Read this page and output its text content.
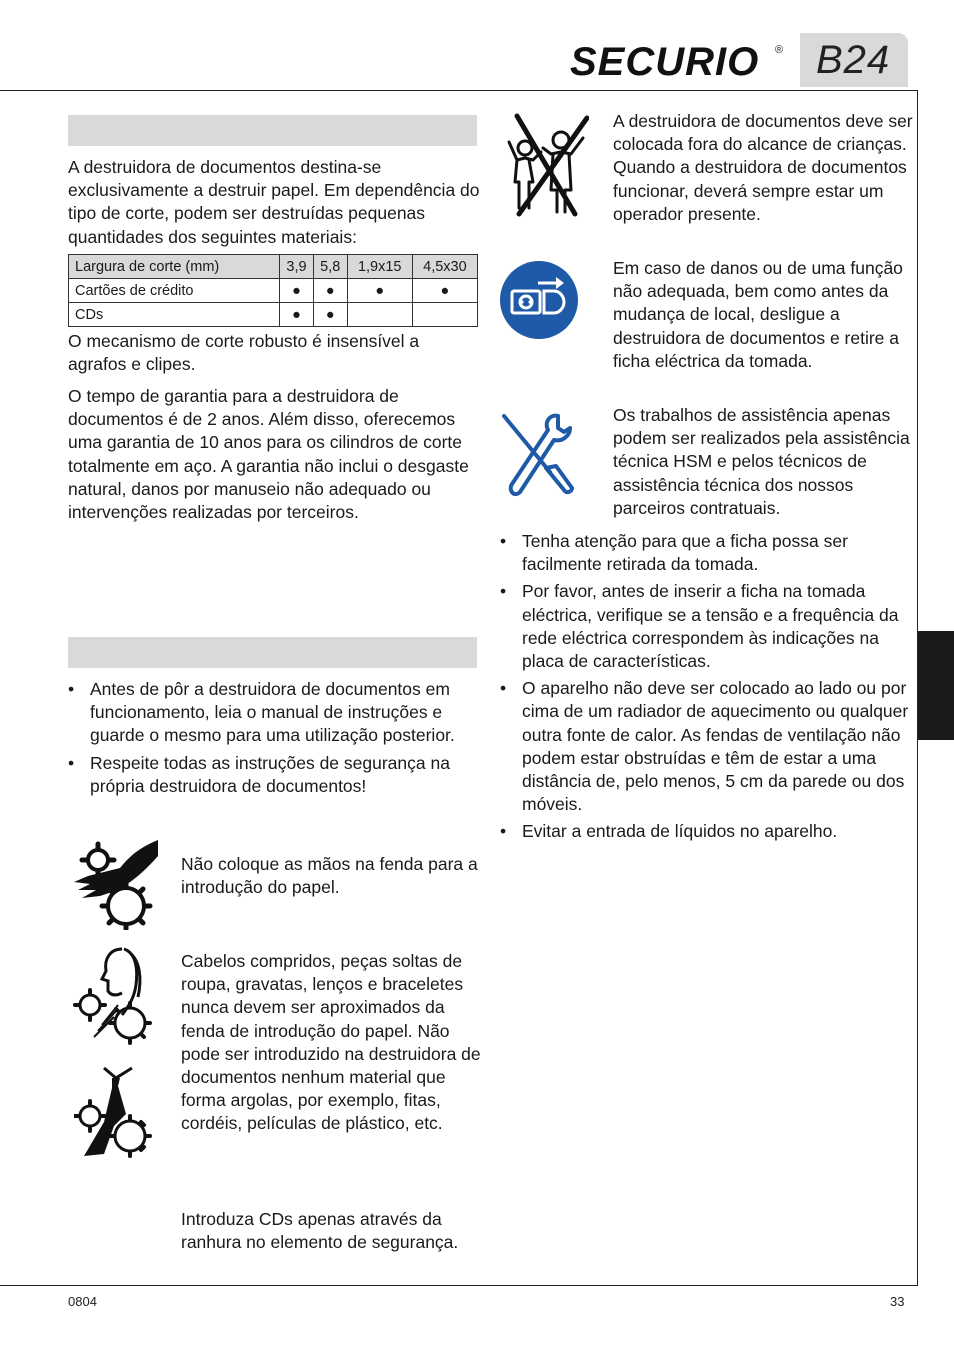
SECURIO ® B24
A destruidora de documentos destina-se exclusivamente a destruir papel. Em dependência do tipo de corte, podem ser destruídas pequenas quantidades dos seguintes materiais:
Largura de corte (mm)	3,9	5,8	1,9x15	4,5x30
Cartões de crédito	●	●	●	●
CDs	●	●		
O mecanismo de corte robusto é insensível a agrafos e clipes.
O tempo de garantia para a destruidora de documentos é de 2 anos. Além disso, oferecemos uma garantia de 10 anos para os cilindros de corte totalmente em aço. A garantia não inclui o desgaste natural, danos por manuseio não adequado ou intervenções realizadas por terceiros.
• Antes de pôr a destruidora de documentos em funcionamento, leia o manual de instruções e guarde o mesmo para uma utilização posterior.
• Respeite todas as instruções de segurança na própria destruidora de documentos!
Não coloque as mãos na fenda para a introdução do papel.
Cabelos compridos, peças soltas de roupa, gravatas, lenços e braceletes nunca devem ser aproximados da fenda de introdução do papel. Não pode ser introduzido na destruidora de documentos nenhum material que forma argolas, por exemplo, fitas, cordéis, películas de plástico, etc.
Introduza CDs apenas através da ranhura no elemento de segurança.
A destruidora de documentos deve ser colocada fora do alcance de crianças. Quando a destruidora de documentos funcionar, deverá sempre estar um operador presente.
Em caso de danos ou de uma função não adequada, bem como antes da mudança de local, desligue a destruidora de documentos e retire a ficha eléctrica da tomada.
Os trabalhos de assistência apenas podem ser realizados pela assistência técnica HSM e pelos técnicos de assistência técnica dos nossos parceiros contratuais.
• Tenha atenção para que a ficha possa ser facilmente retirada da tomada.
• Por favor, antes de inserir a ficha na tomada eléctrica, verifique se a tensão e a frequência da rede eléctrica correspondem às indicações na placa de características.
• O aparelho não deve ser colocado ao lado ou por cima de um radiador de aquecimento ou qualquer outra fonte de calor. As fendas de ventilação não podem estar obstruídas e têm de estar a uma distância de, pelo menos, 5 cm da parede ou dos móveis.
• Evitar a entrada de líquidos no aparelho.
0804	33
